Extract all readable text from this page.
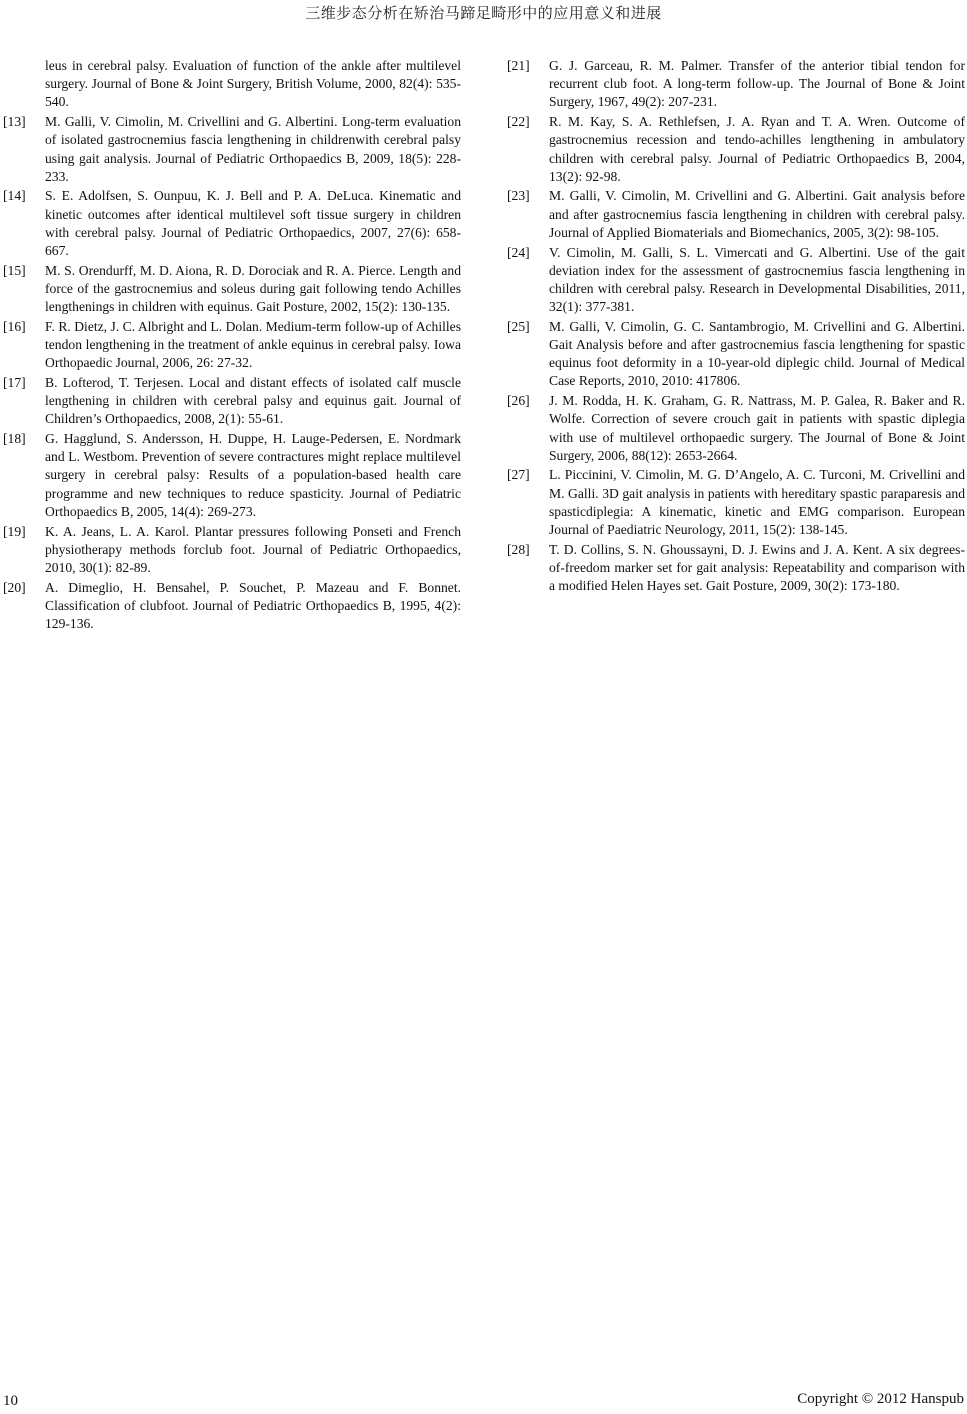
三维步态分析在矫治马蹄足畸形中的应用意义和进展

leus in cerebral palsy. Evaluation of function of the ankle after multilevel surgery. Journal of Bone & Joint Surgery, British Volume, 2000, 82(4): 535-540.

[13] M. Galli, V. Cimolin, M. Crivellini and G. Albertini. Long-term evaluation of isolated gastrocnemius fascia lengthening in childrenwith cerebral palsy using gait analysis. Journal of Pediatric Orthopaedics B, 2009, 18(5): 228-233.

[14] S. E. Adolfsen, S. Ounpuu, K. J. Bell and P. A. DeLuca. Kinematic and kinetic outcomes after identical multilevel soft tissue surgery in children with cerebral palsy. Journal of Pediatric Orthopaedics, 2007, 27(6): 658-667.

[15] M. S. Orendurff, M. D. Aiona, R. D. Dorociak and R. A. Pierce. Length and force of the gastrocnemius and soleus during gait following tendo Achilles lengthenings in children with equinus. Gait Posture, 2002, 15(2): 130-135.

[16] F. R. Dietz, J. C. Albright and L. Dolan. Medium-term follow-up of Achilles tendon lengthening in the treatment of ankle equinus in cerebral palsy. Iowa Orthopaedic Journal, 2006, 26: 27-32.

[17] B. Lofterod, T. Terjesen. Local and distant effects of isolated calf muscle lengthening in children with cerebral palsy and equinus gait. Journal of Children’s Orthopaedics, 2008, 2(1): 55-61.

[18] G. Hagglund, S. Andersson, H. Duppe, H. Lauge-Pedersen, E. Nordmark and L. Westbom. Prevention of severe contractures might replace multilevel surgery in cerebral palsy: Results of a population-based health care programme and new techniques to reduce spasticity. Journal of Pediatric Orthopaedics B, 2005, 14(4): 269-273.

[19] K. A. Jeans, L. A. Karol. Plantar pressures following Ponseti and French physiotherapy methods forclub foot. Journal of Pediatric Orthopaedics, 2010, 30(1): 82-89.

[20] A. Dimeglio, H. Bensahel, P. Souchet, P. Mazeau and F. Bonnet. Classification of clubfoot. Journal of Pediatric Orthopaedics B, 1995, 4(2): 129-136.

[21] G. J. Garceau, R. M. Palmer. Transfer of the anterior tibial tendon for recurrent club foot. A long-term follow-up. The Journal of Bone & Joint Surgery, 1967, 49(2): 207-231.

[22] R. M. Kay, S. A. Rethlefsen, J. A. Ryan and T. A. Wren. Outcome of gastrocnemius recession and tendo-achilles lengthening in ambulatory children with cerebral palsy. Journal of Pediatric Orthopaedics B, 2004, 13(2): 92-98.

[23] M. Galli, V. Cimolin, M. Crivellini and G. Albertini. Gait analysis before and after gastrocnemius fascia lengthening in children with cerebral palsy. Journal of Applied Biomaterials and Biomechanics, 2005, 3(2): 98-105.

[24] V. Cimolin, M. Galli, S. L. Vimercati and G. Albertini. Use of the gait deviation index for the assessment of gastrocnemius fascia lengthening in children with cerebral palsy. Research in Developmental Disabilities, 2011, 32(1): 377-381.

[25] M. Galli, V. Cimolin, G. C. Santambrogio, M. Crivellini and G. Albertini. Gait Analysis before and after gastrocnemius fascia lengthening for spastic equinus foot deformity in a 10-year-old diplegic child. Journal of Medical Case Reports, 2010, 2010: 417806.

[26] J. M. Rodda, H. K. Graham, G. R. Nattrass, M. P. Galea, R. Baker and R. Wolfe. Correction of severe crouch gait in patients with spastic diplegia with use of multilevel orthopaedic surgery. The Journal of Bone & Joint Surgery, 2006, 88(12): 2653-2664.

[27] L. Piccinini, V. Cimolin, M. G. D’Angelo, A. C. Turconi, M. Crivellini and M. Galli. 3D gait analysis in patients with hereditary spastic paraparesis and spasticdiplegia: A kinematic, kinetic and EMG comparison. European Journal of Paediatric Neurology, 2011, 15(2): 138-145.

[28] T. D. Collins, S. N. Ghoussayni, D. J. Ewins and J. A. Kent. A six degrees-of-freedom marker set for gait analysis: Repeatability and comparison with a modified Helen Hayes set. Gait Posture, 2009, 30(2): 173-180.

10	Copyright © 2012 Hanspub
